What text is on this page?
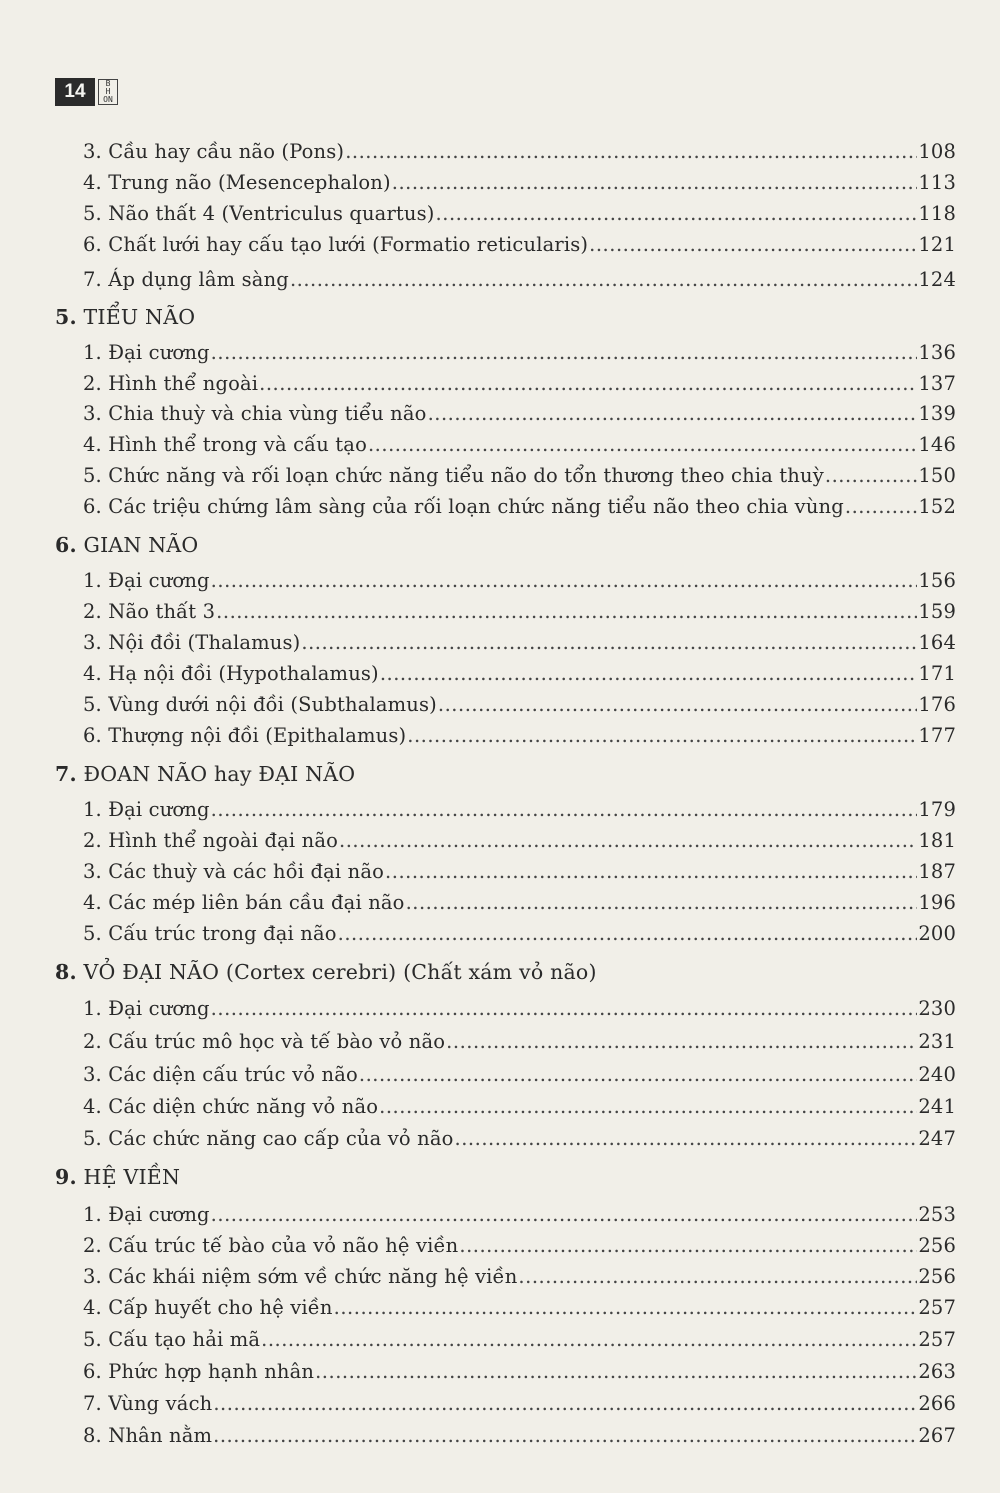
14	B
H
ON
3. Cầu hay cầu não (Pons) .....	108
4. Trung não (Mesencephalon) .....	113
5. Não thất 4 (Ventriculus quartus) .....	118
6. Chất lưới hay cấu tạo lưới (Formatio reticularis) .....	121
7. Áp dụng lâm sàng .....	124
5. TIỂU NÃO
1. Đại cương .....	136
2. Hình thể ngoài .....	137
3. Chia thuỳ và chia vùng tiểu não .....	139
4. Hình thể trong và cấu tạo .....	146
5. Chức năng và rối loạn chức năng tiểu não do tổn thương theo chia thuỳ .....	150
6. Các triệu chứng lâm sàng của rối loạn chức năng tiểu não theo chia vùng .....	152
6. GIAN NÃO
1. Đại cương .....	156
2. Não thất 3 .....	159
3. Nội đồi (Thalamus) .....	164
4. Hạ nội đồi (Hypothalamus) .....	171
5. Vùng dưới nội đồi (Subthalamus) .....	176
6. Thượng nội đồi (Epithalamus) .....	177
7. ĐOAN NÃO hay ĐẠI NÃO
1. Đại cương .....	179
2. Hình thể ngoài đại não .....	181
3. Các thuỳ và các hồi đại não .....	187
4. Các mép liên bán cầu đại não .....	196
5. Cấu trúc trong đại não .....	200
8. VỎ ĐẠI NÃO (Cortex cerebri) (Chất xám vỏ não)
1. Đại cương .....	230
2. Cấu trúc mô học và tế bào vỏ não .....	231
3. Các diện cấu trúc vỏ não .....	240
4. Các diện chức năng vỏ não .....	241
5. Các chức năng cao cấp của vỏ não .....	247
9. HỆ VIỀN
1. Đại cương .....	253
2. Cấu trúc tế bào của vỏ não hệ viền .....	256
3. Các khái niệm sớm về chức năng hệ viền .....	256
4. Cấp huyết cho hệ viền .....	257
5. Cấu tạo hải mã .....	257
6. Phức hợp hạnh nhân .....	263
7. Vùng vách .....	266
8. Nhân nằm .....	267
